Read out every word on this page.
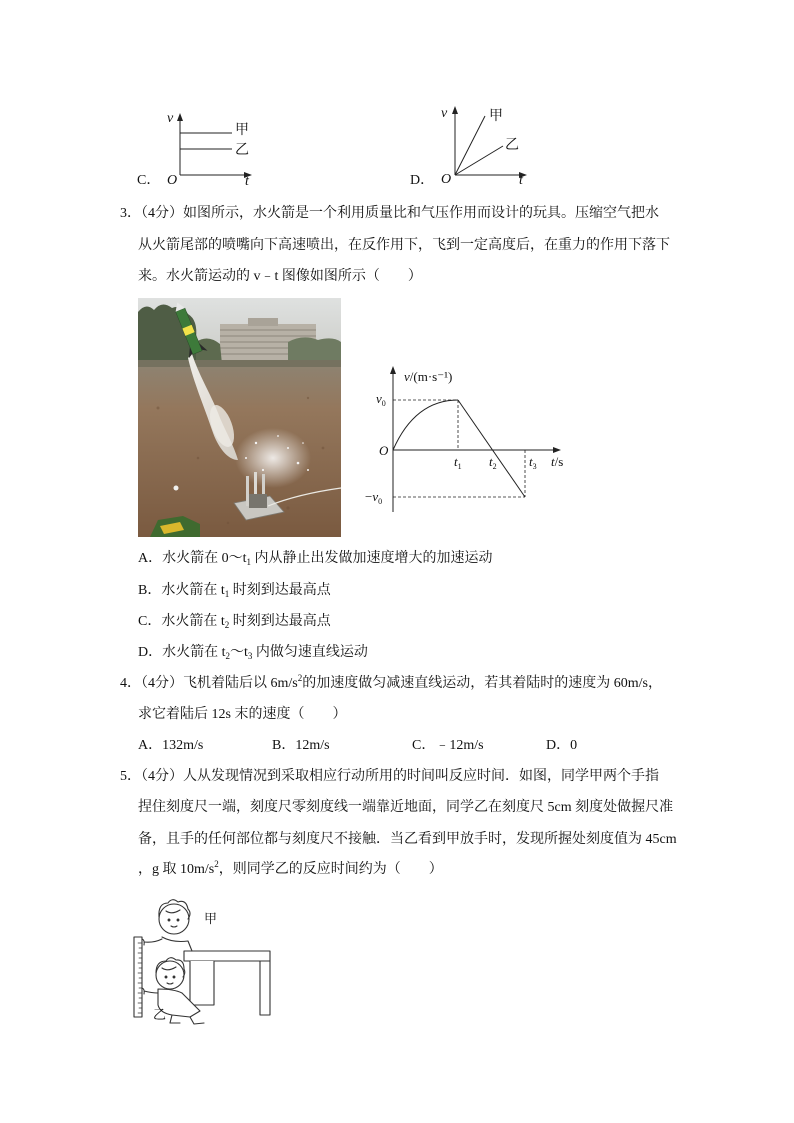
C．
v
O	t
甲
乙
D．
v
O	t
甲
乙
3．（4分）如图所示，水火箭是一个利用质量比和气压作用而设计的玩具。压缩空气把水
从火箭尾部的喷嘴向下高速喷出，在反作用下，飞到一定高度后，在重力的作用下落下
来。水火箭运动的 v﹣t 图像如图所示（　　）
v/(m·s⁻¹)
$v_0$
$-v_0$
O
$t_1$ $t_2$ $t_3$ t/s
A．水火箭在 $0\sim t_1$ 内从静止出发做加速度增大的加速运动
B．水火箭在 $t_1$ 时刻到达最高点
C．水火箭在 $t_2$ 时刻到达最高点
D．水火箭在 $t_2\sim t_3$ 内做匀速直线运动
4．（4分）飞机着陆后以 $6m/s^2$的加速度做匀减速直线运动，若其着陆时的速度为 60m/s，
求它着陆后 12s 末的速度（　　）
A．132m/s	B．12m/s	C．﹣12m/s	D．0
5．（4分）人从发现情况到采取相应行动所用的时间叫反应时间．如图，同学甲两个手指
捏住刻度尺一端，刻度尺零刻度线一端靠近地面，同学乙在刻度尺 5cm 刻度处做握尺准
备，且手的任何部位都与刻度尺不接触．当乙看到甲放手时，发现所握处刻度值为 45cm
，g 取 $10m/s^2$，则同学乙的反应时间约为（　　）
甲
乙
